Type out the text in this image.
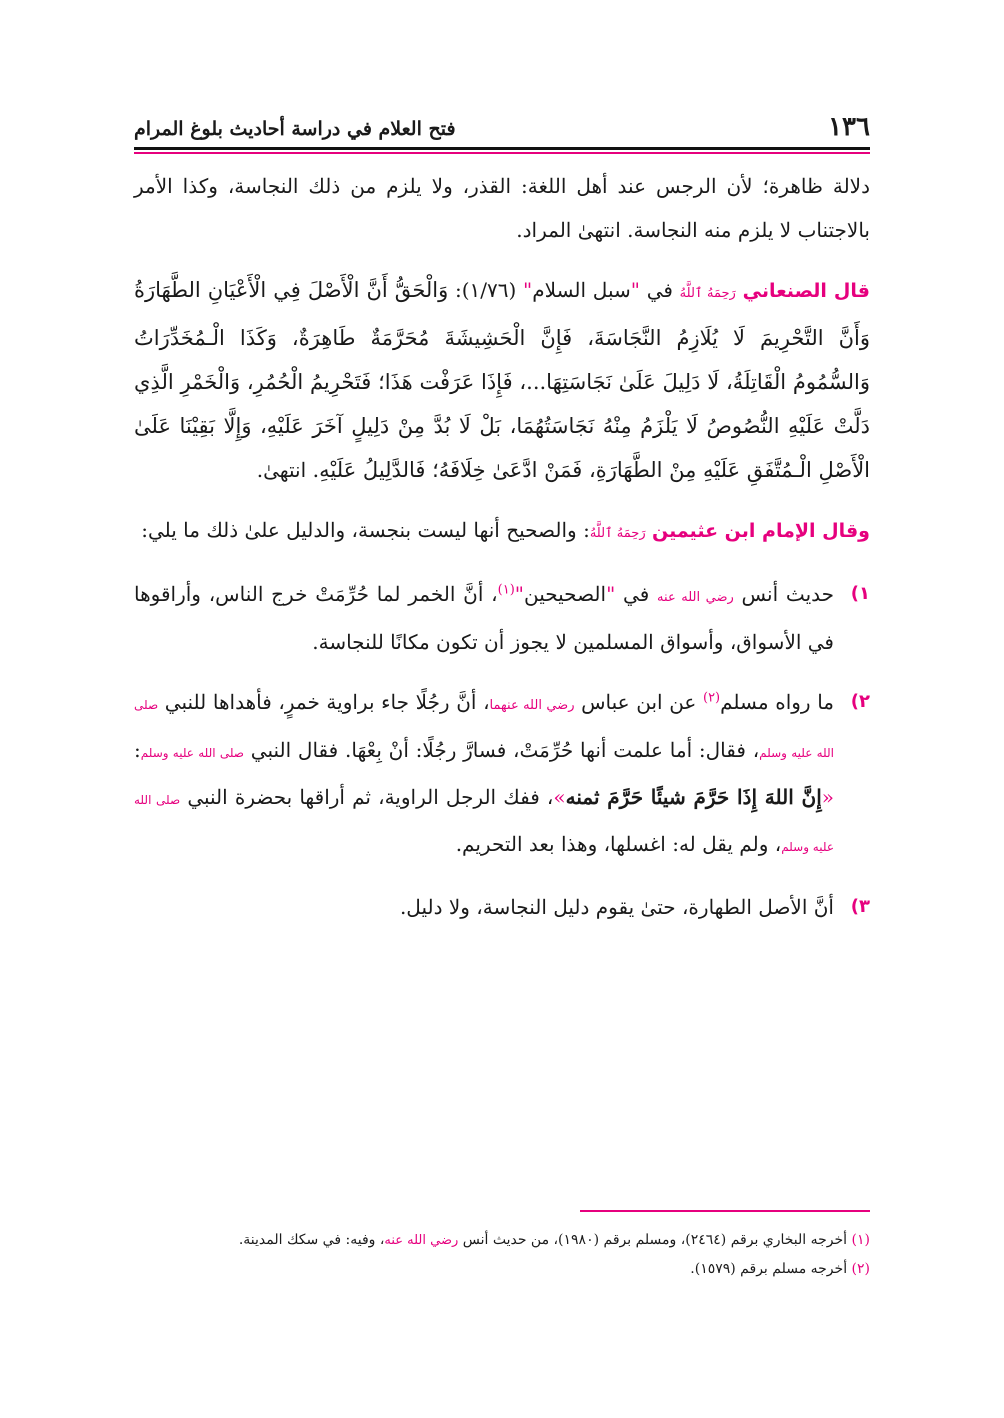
١٣٦
فتح العلام في دراسة أحاديث بلوغ المرام

دلالة ظاهرة؛ لأن الرجس عند أهل اللغة: القذر، ولا يلزم من ذلك النجاسة، وكذا الأمر بالاجتناب لا يلزم منه النجاسة. انتهىٰ المراد.

قال الصنعاني رَحِمَهُ ٱللَّهُ في "سبل السلام" (١/٧٦): وَالْحَقُّ أَنَّ الْأَصْلَ فِي الْأَعْيَانِ الطَّهَارَةُ وَأَنَّ التَّحْرِيمَ لَا يُلَازِمُ النَّجَاسَةَ، فَإِنَّ الْحَشِيشَةَ مُحَرَّمَةٌ طَاهِرَةٌ، وَكَذَا الْـمُخَدِّرَاتُ وَالسُّمُومُ الْقَاتِلَةُ، لَا دَلِيلَ عَلَىٰ نَجَاسَتِهَا...، فَإِذَا عَرَفْت هَذَا؛ فَتَحْرِيمُ الْحُمُرِ، وَالْخَمْرِ الَّذِي دَلَّتْ عَلَيْهِ النُّصُوصُ لَا يَلْزَمُ مِنْهُ نَجَاسَتُهُمَا، بَلْ لَا بُدَّ مِنْ دَلِيلٍ آخَرَ عَلَيْهِ، وَإِلَّا بَقِيْنَا عَلَىٰ الْأَصْلِ الْـمُتَّفَقِ عَلَيْهِ مِنْ الطَّهَارَةِ، فَمَنْ ادَّعَىٰ خِلَافَهُ؛ فَالدَّلِيلُ عَلَيْهِ. انتهىٰ.

وقال الإمام ابن عثيمين رَحِمَهُ ٱللَّهُ: والصحيح أنها ليست بنجسة، والدليل علىٰ ذلك ما يلي:

١)
حديث أنس رضي الله عنه في "الصحيحين"$^{(١)}$، أنَّ الخمر لما حُرِّمَتْ خرج الناس، وأراقوها في الأسواق، وأسواق المسلمين لا يجوز أن تكون مكانًا للنجاسة.

٢)
ما رواه مسلم$^{(٢)}$ عن ابن عباس رضي الله عنهما، أنَّ رجُلًا جاء براوية خمرٍ، فأهداها للنبي صلى الله عليه وسلم، فقال: أما علمت أنها حُرِّمَتْ، فسارَّ رجُلًا: أنْ بِعْهَا. فقال النبي صلى الله عليه وسلم: «إِنَّ اللهَ إِذَا حَرَّمَ شيئًا حَرَّمَ ثمنه»، ففك الرجل الراوية، ثم أراقها بحضرة النبي صلى الله عليه وسلم، ولم يقل له: اغسلها، وهذا بعد التحريم.

٣)
أنَّ الأصل الطهارة، حتىٰ يقوم دليل النجاسة، ولا دليل.

(١) أخرجه البخاري برقم (٢٤٦٤)، ومسلم برقم (١٩٨٠)، من حديث أنس رضي الله عنه، وفيه: في سكك المدينة.

(٢) أخرجه مسلم برقم (١٥٧٩).
